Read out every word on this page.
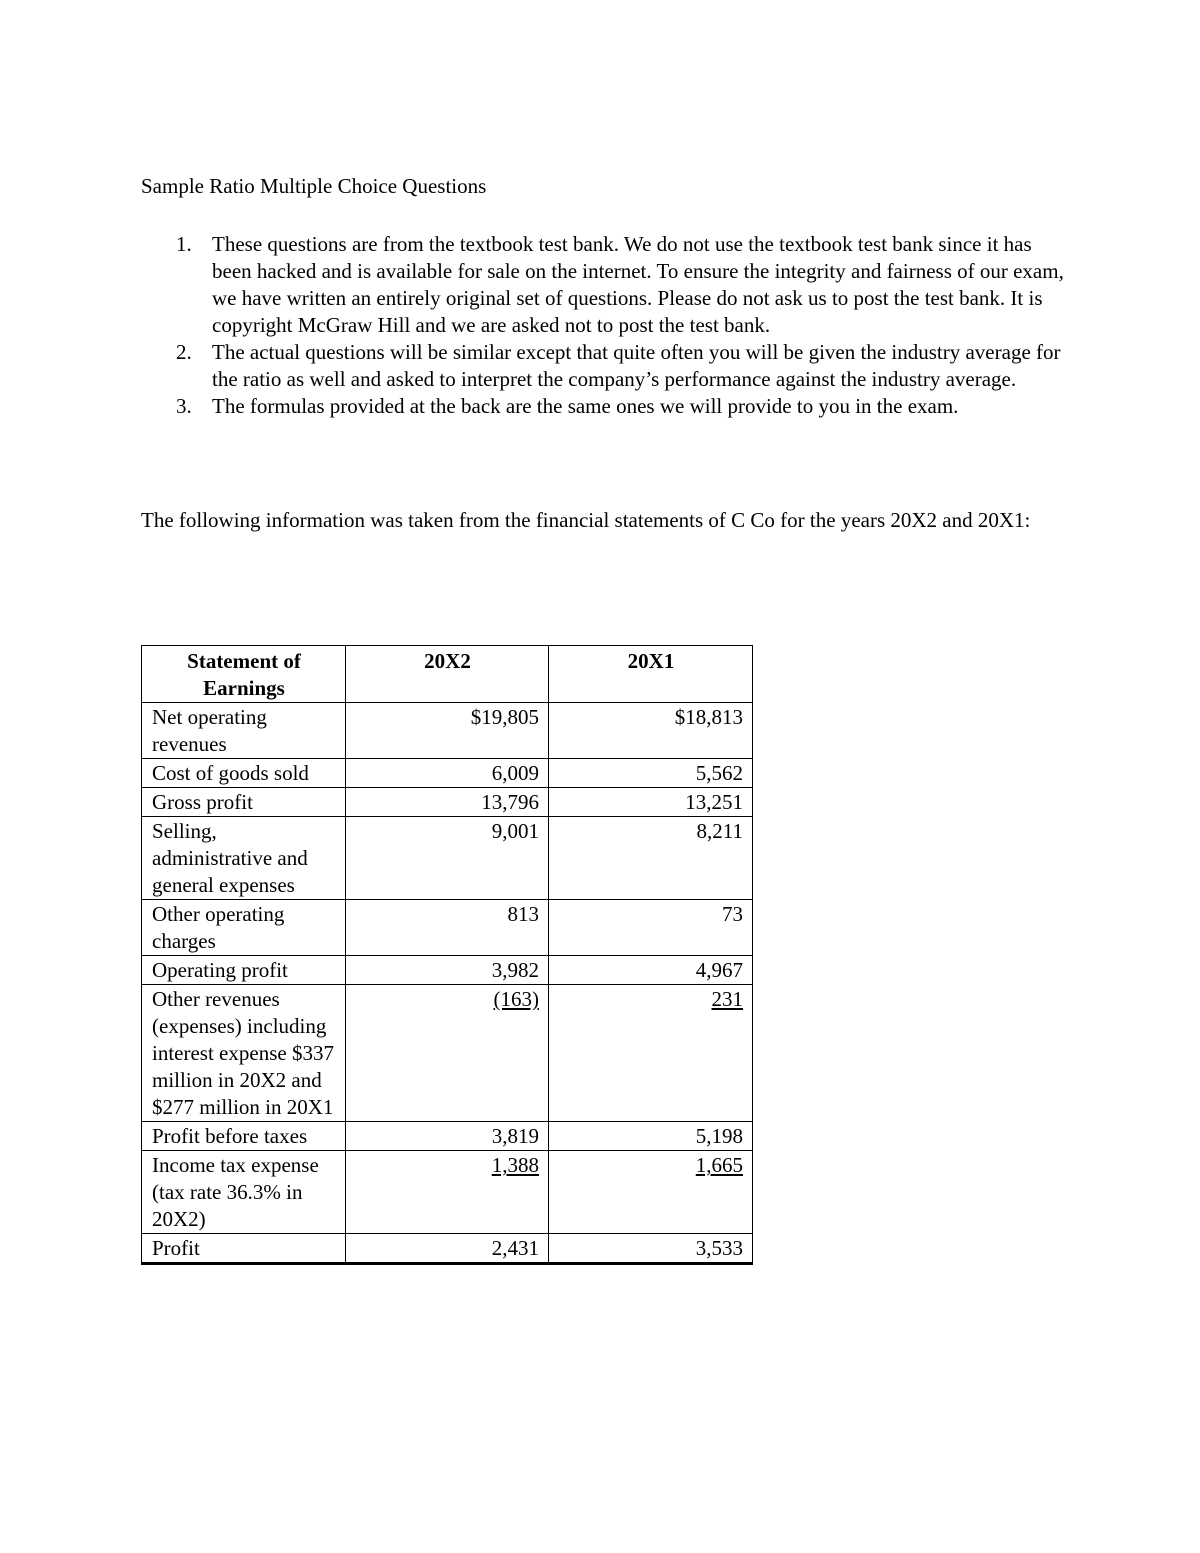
Sample Ratio Multiple Choice Questions
1. These questions are from the textbook test bank. We do not use the textbook test bank since it has been hacked and is available for sale on the internet. To ensure the integrity and fairness of our exam, we have written an entirely original set of questions. Please do not ask us to post the test bank. It is copyright McGraw Hill and we are asked not to post the test bank.
2. The actual questions will be similar except that quite often you will be given the industry average for the ratio as well and asked to interpret the company’s performance against the industry average.
3. The formulas provided at the back are the same ones we will provide to you in the exam.

The following information was taken from the financial statements of C Co for the years 20X2 and 20X1:

Statement of Earnings	20X2	20X1
Net operating revenues	$19,805	$18,813
Cost of goods sold	6,009	5,562
Gross profit	13,796	13,251
Selling, administrative and general expenses	9,001	8,211
Other operating charges	813	73
Operating profit	3,982	4,967
Other revenues (expenses) including interest expense $337 million in 20X2 and $277 million in 20X1	(163)	231
Profit before taxes	3,819	5,198
Income tax expense (tax rate 36.3% in 20X2)	1,388	1,665
Profit	2,431	3,533
